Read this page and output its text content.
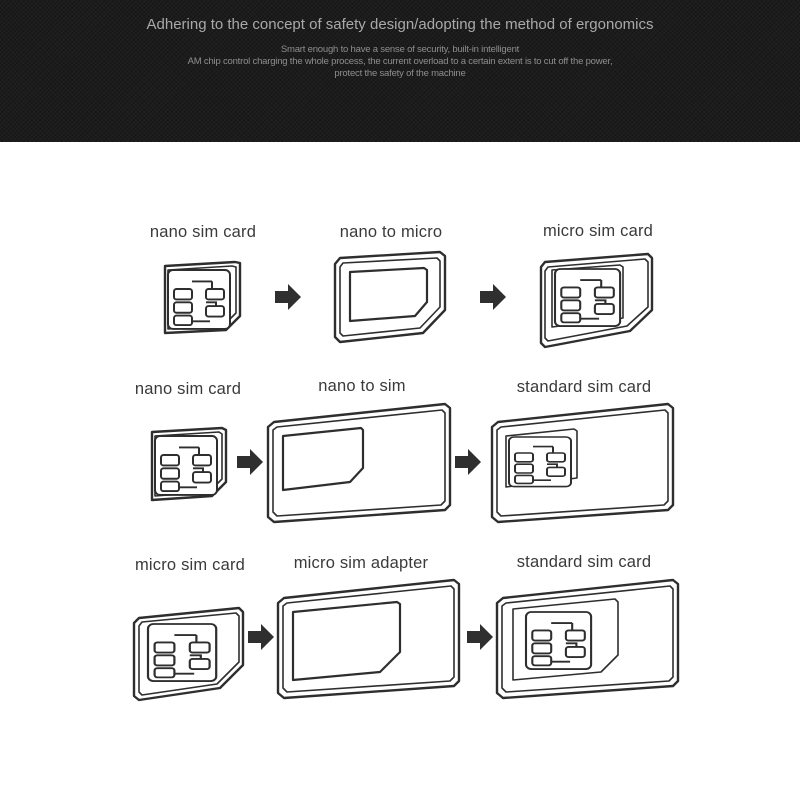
Adhering to the concept of safety design/adopting the method of ergonomics
Smart enough to have a sense of security, built-in intelligent
AM chip control charging the whole process, the current overload to a certain extent is to cut off the power,
protect the safety of the machine
nano sim card	nano to micro	micro sim card
nano sim card	nano to sim	standard sim card
micro sim card	micro sim adapter	standard sim card
